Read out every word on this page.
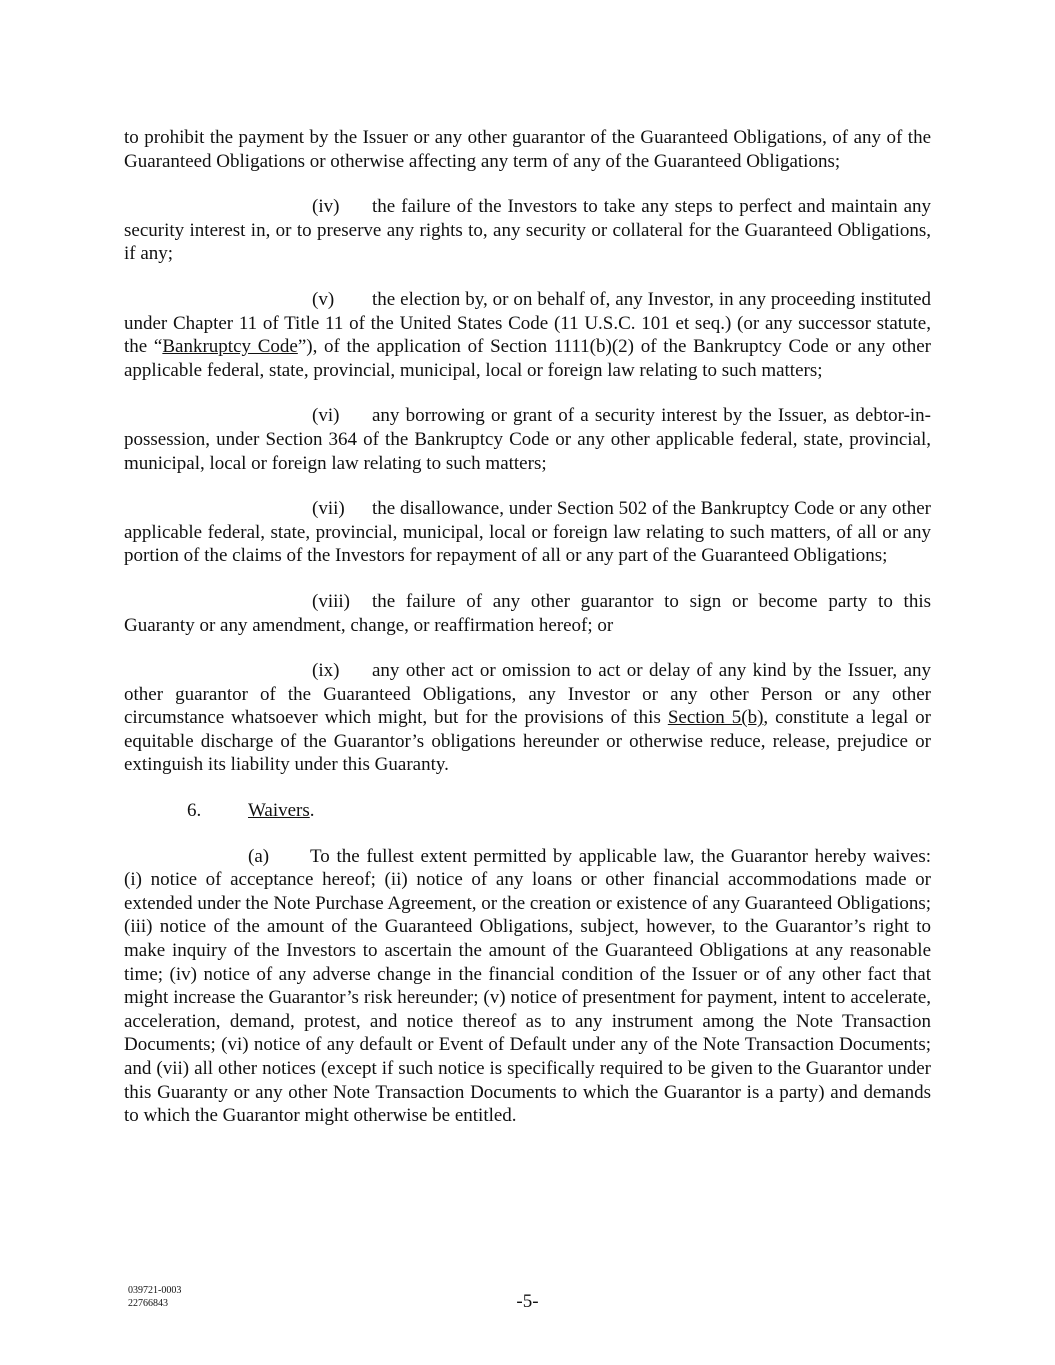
to prohibit the payment by the Issuer or any other guarantor of the Guaranteed Obligations, of any of the Guaranteed Obligations or otherwise affecting any term of any of the Guaranteed Obligations;

(iv) the failure of the Investors to take any steps to perfect and maintain any security interest in, or to preserve any rights to, any security or collateral for the Guaranteed Obligations, if any;

(v) the election by, or on behalf of, any Investor, in any proceeding instituted under Chapter 11 of Title 11 of the United States Code (11 U.S.C. 101 et seq.) (or any successor statute, the “Bankruptcy Code”), of the application of Section 1111(b)(2) of the Bankruptcy Code or any other applicable federal, state, provincial, municipal, local or foreign law relating to such matters;

(vi) any borrowing or grant of a security interest by the Issuer, as debtor-in-possession, under Section 364 of the Bankruptcy Code or any other applicable federal, state, provincial, municipal, local or foreign law relating to such matters;

(vii) the disallowance, under Section 502 of the Bankruptcy Code or any other applicable federal, state, provincial, municipal, local or foreign law relating to such matters, of all or any portion of the claims of the Investors for repayment of all or any part of the Guaranteed Obligations;

(viii) the failure of any other guarantor to sign or become party to this Guaranty or any amendment, change, or reaffirmation hereof; or

(ix) any other act or omission to act or delay of any kind by the Issuer, any other guarantor of the Guaranteed Obligations, any Investor or any other Person or any other circumstance whatsoever which might, but for the provisions of this Section 5(b), constitute a legal or equitable discharge of the Guarantor’s obligations hereunder or otherwise reduce, release, prejudice or extinguish its liability under this Guaranty.

6. Waivers.

(a) To the fullest extent permitted by applicable law, the Guarantor hereby waives: (i) notice of acceptance hereof; (ii) notice of any loans or other financial accommodations made or extended under the Note Purchase Agreement, or the creation or existence of any Guaranteed Obligations; (iii) notice of the amount of the Guaranteed Obligations, subject, however, to the Guarantor’s right to make inquiry of the Investors to ascertain the amount of the Guaranteed Obligations at any reasonable time; (iv) notice of any adverse change in the financial condition of the Issuer or of any other fact that might increase the Guarantor’s risk hereunder; (v) notice of presentment for payment, intent to accelerate, acceleration, demand, protest, and notice thereof as to any instrument among the Note Transaction Documents; (vi) notice of any default or Event of Default under any of the Note Transaction Documents; and (vii) all other notices (except if such notice is specifically required to be given to the Guarantor under this Guaranty or any other Note Transaction Documents to which the Guarantor is a party) and demands to which the Guarantor might otherwise be entitled.

039721-0003
22766843	-5-
